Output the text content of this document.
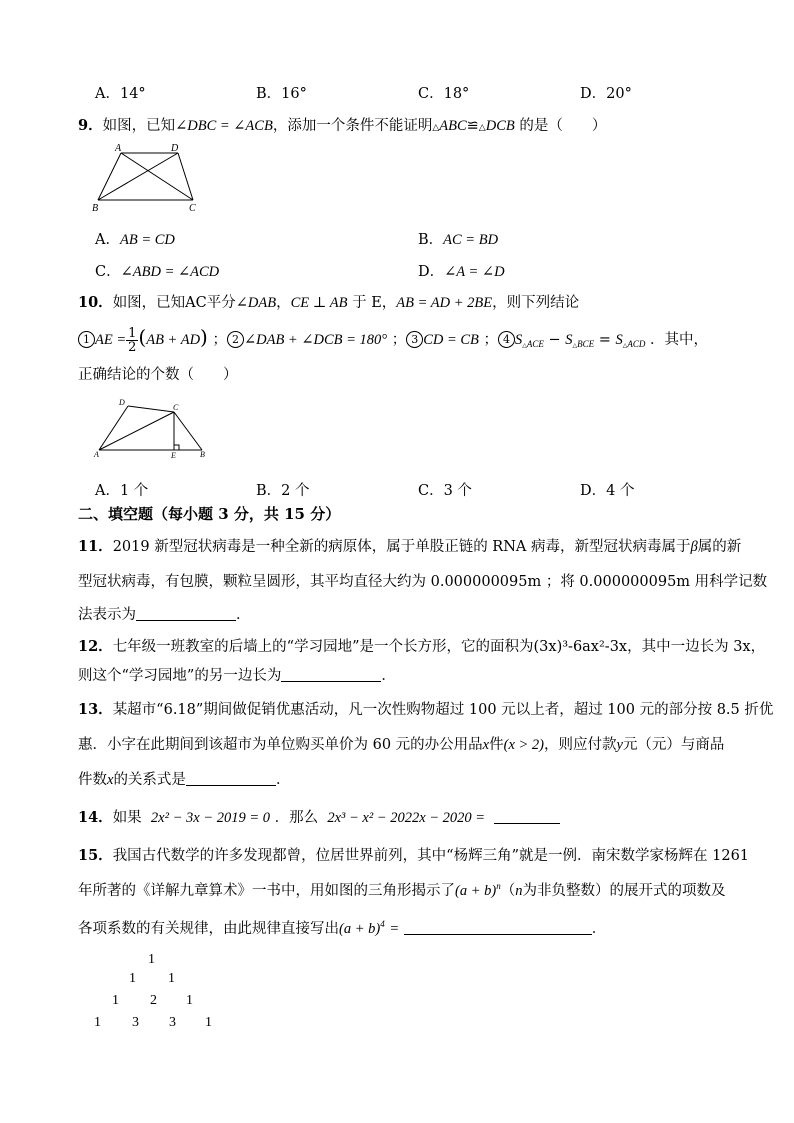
A．14°	B．16°	C．18°	D．20°
9．如图，已知∠DBC = ∠ACB，添加一个条件不能证明△ABC≌△DCB 的是（　　）
A	D
B	C
A．AB = CD	B．AC = BD
C．∠ABD = ∠ACD	D．∠A = ∠D
10．如图，已知AC平分∠DAB，CE ⊥ AB 于 E，AB = AD + 2BE，则下列结论
1 AE = $\frac{1}{2} (AB + AD)$ ； 2 ∠DAB + ∠DCB = 180° ； 3 CD = CB ； 4 $S_{\triangle ACE} - S_{\triangle BCE} = S_{\triangle ACD}$ ．其中，
正确结论的个数（　　）
D
C
A	E	B
A．1 个	B．2 个	C．3 个	D．4 个
二、填空题（每小题 3 分，共 15 分）
11．2019 新型冠状病毒是一种全新的病原体，属于单股正链的 RNA 病毒，新型冠状病毒属于β属的新
型冠状病毒，有包膜，颗粒呈圆形，其平均直径大约为 0.000000095m ；将 0.000000095m 用科学记数
法表示为	．
12．七年级一班教室的后墙上的“学习园地”是一个长方形，它的面积为(3x)³-6ax²-3x，其中一边长为 3x，
则这个“学习园地”的另一边长为	．
13．某超市“6.18”期间做促销优惠活动，凡一次性购物超过 100 元以上者，超过 100 元的部分按 8.5 折优
惠．小字在此期间到该超市为单位购买单价为 60 元的办公用品x件(x > 2)，则应付款y元（元）与商品
件数x的关系式是	．
14．如果 2x² − 3x − 2019 = 0 ．那么 2x³ − x² − 2022x − 2020 =
15．我国古代数学的许多发现都曾，位居世界前列，其中“杨辉三角”就是一例．南宋数学家杨辉在 1261
年所著的《详解九章算术》一书中，用如图的三角形揭示了$(a + b)^n(n$为非负整数）的展开式的项数及
各项系数的有关规律，由此规律直接写出$(a + b)^4$ =	．
1
1 1
1 2 1
1 3 3 1
